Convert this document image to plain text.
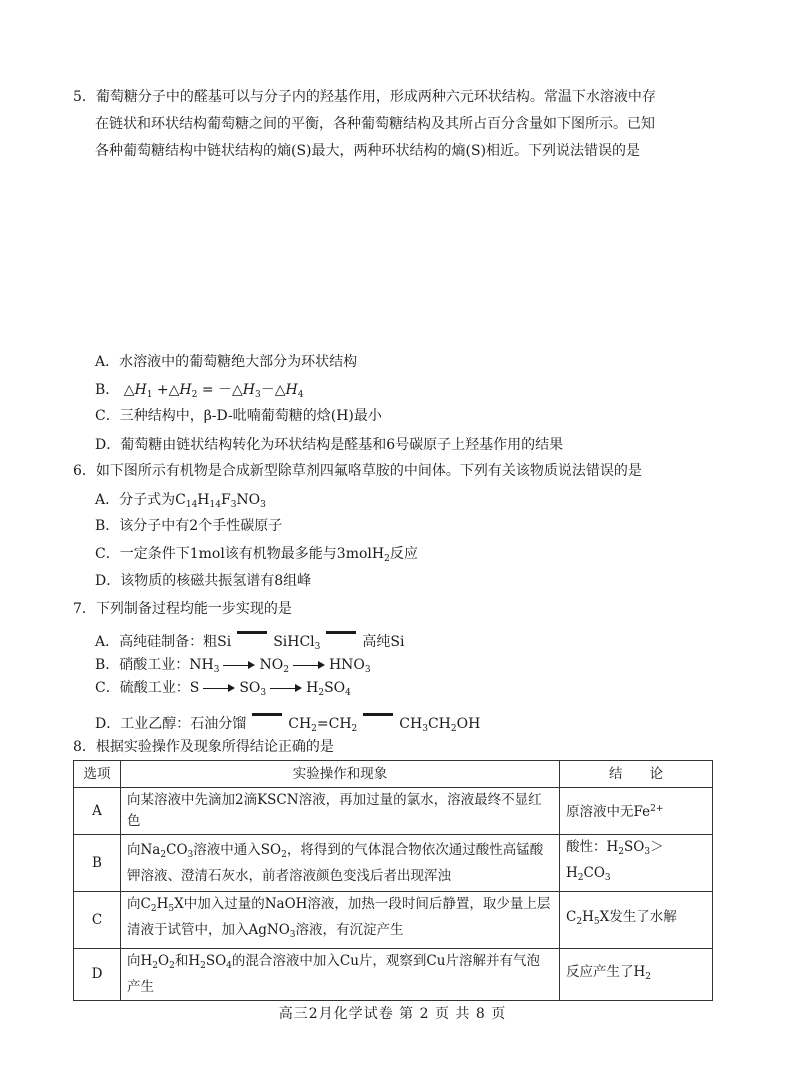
5．葡萄糖分子中的醛基可以与分子内的羟基作用，形成两种六元环状结构。常温下水溶液中存
在链状和环状结构葡萄糖之间的平衡，各种葡萄糖结构及其所占百分含量如下图所示。已知
各种葡萄糖结构中链状结构的熵(S)最大，两种环状结构的熵(S)相近。下列说法错误的是
A．水溶液中的葡萄糖绝大部分为环状结构
B． $\triangle H_1$ $+\triangle H_2$ = $-\triangle H_3-\triangle H_4$
C．三种结构中，β-D-吡喃葡萄糖的焓(H)最小
D．葡萄糖由链状结构转化为环状结构是醛基和6号碳原子上羟基作用的结果
6．如下图所示有机物是合成新型除草剂四氟咯草胺的中间体。下列有关该物质说法错误的是
A．分子式为$C_{14}H_{14}F_3NO_3$
B．该分子中有2个手性碳原子
C．一定条件下1mol该有机物最多能与3molH$_2$反应
D．该物质的核磁共振氢谱有8组峰
7．下列制备过程均能一步实现的是
A．高纯硅制备：粗Si	SiHCl$_3$	高纯Si
B．硝酸工业：$NH_3$	$NO_2$	$HNO_3$
C．硫酸工业：S	$SO_3$	$H_2SO_4$
D．工业乙醇：石油分馏	$CH_2=CH_2$	$CH_3CH_2OH$
8．根据实验操作及现象所得结论正确的是
选项	实验操作和现象	结　　论
A	向某溶液中先滴加2滴KSCN溶液，再加过量的氯水，溶液最终不显红色	原溶液中无$Fe^{2+}$
B	向$Na_2CO_3$溶液中通入$SO_2$，将得到的气体混合物依次通过酸性高锰酸钾溶液、澄清石灰水，前者溶液颜色变浅后者出现浑浊	酸性：$H_2SO_3>H_2CO_3$
C	向$C_2H_5X$中加入过量的NaOH溶液，加热一段时间后静置，取少量上层清液于试管中，加入AgNO$_3$溶液，有沉淀产生	$C_2H_5X$发生了水解
D	向$H_2O_2$和$H_2SO_4$的混合溶液中加入Cu片，观察到Cu片溶解并有气泡产生	反应产生了$H_2$
高三2月化学试卷 第 2 页 共 8 页
